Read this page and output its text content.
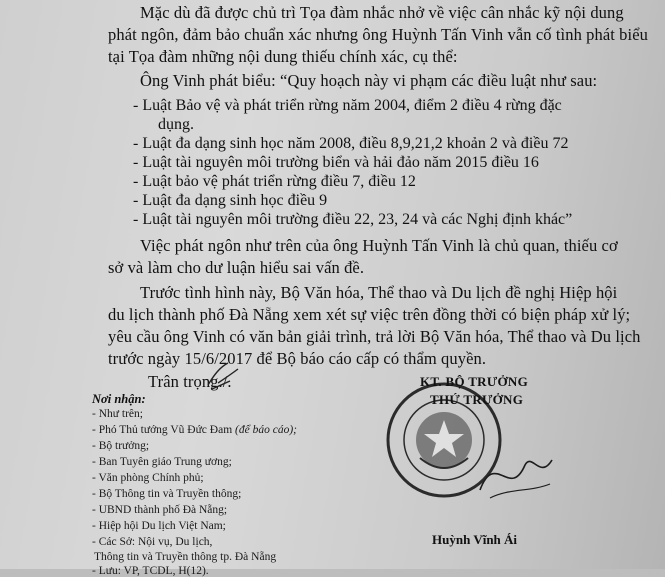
Mặc dù đã được chủ trì Tọa đàm nhắc nhở về việc cân nhắc kỹ nội dung
phát ngôn, đảm bảo chuẩn xác nhưng ông Huỳnh Tấn Vinh vẫn cố tình phát biểu
tại Tọa đàm những nội dung thiếu chính xác, cụ thể:
Ông Vinh phát biểu: “Quy hoạch này vi phạm các điều luật như sau:
- Luật Bảo vệ và phát triển rừng năm 2004, điểm 2 điều 4 rừng đặc
dụng.
- Luật đa dạng sinh học năm 2008, điều 8,9,21,2 khoản 2 và điều 72
- Luật tài nguyên môi trường biển và hải đảo năm 2015 điều 16
- Luật bảo vệ phát triển rừng điều 7, điều 12
- Luật đa dạng sinh học điều 9
- Luật tài nguyên môi trường điều 22, 23, 24 và các Nghị định khác”
Việc phát ngôn như trên của ông Huỳnh Tấn Vinh là chủ quan, thiếu cơ
sở và làm cho dư luận hiểu sai vấn đề.
Trước tình hình này, Bộ Văn hóa, Thể thao và Du lịch đề nghị Hiệp hội
du lịch thành phố Đà Nẵng xem xét sự việc trên đồng thời có biện pháp xử lý;
yêu cầu ông Vinh có văn bản giải trình, trả lời Bộ Văn hóa, Thể thao và Du lịch
trước ngày 15/6/2017 để Bộ báo cáo cấp có thẩm quyền.
Trân trọng./.
Nơi nhận:
- Như trên;
- Phó Thủ tướng Vũ Đức Đam (để báo cáo);
- Bộ trưởng;
- Ban Tuyên giáo Trung ương;
- Văn phòng Chính phủ;
- Bộ Thông tin và Truyền thông;
- UBND thành phố Đà Nẵng;
- Hiệp hội Du lịch Việt Nam;
- Các Sở: Nội vụ, Du lịch,
Thông tin và Truyền thông tp. Đà Nẵng
- Lưu: VP, TCDL, H(12).
KT. BỘ TRƯỞNG
THỨ TRƯỞNG
Huỳnh Vĩnh Ái
